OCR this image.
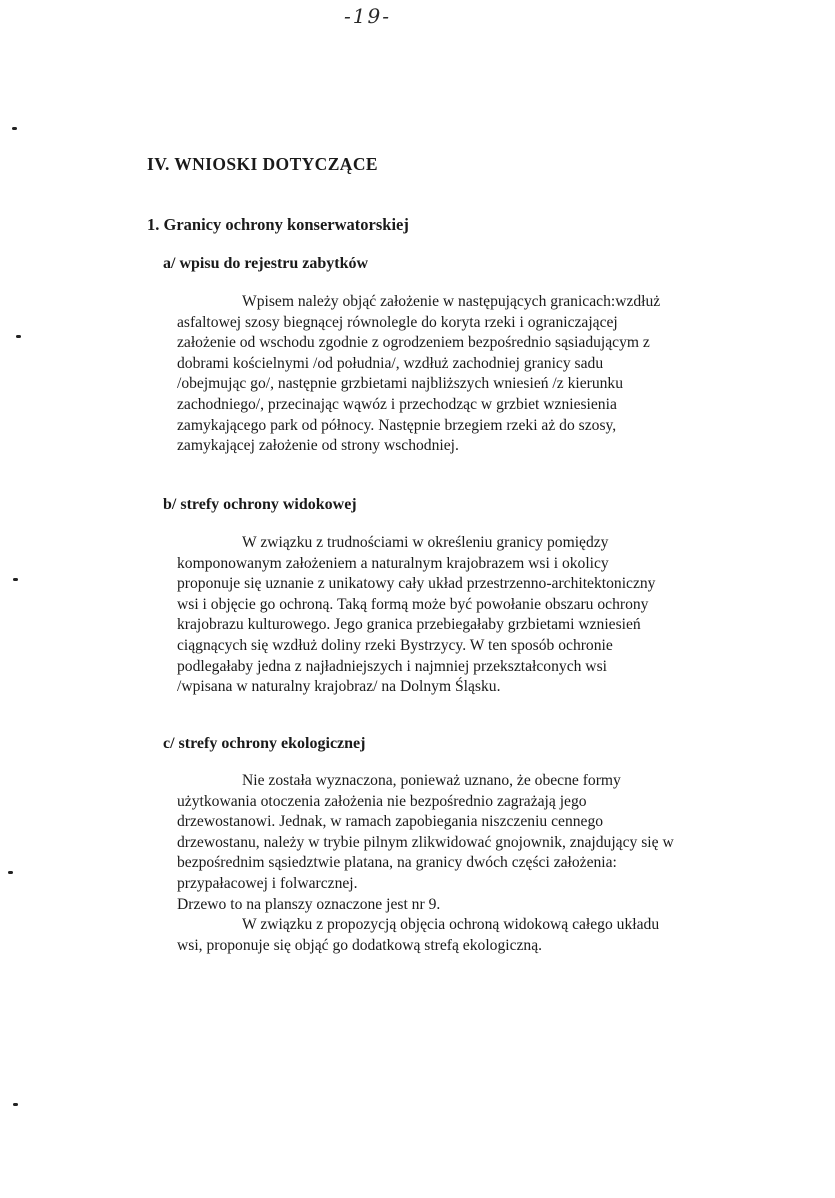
-19-
IV. WNIOSKI DOTYCZĄCE
1. Granicy ochrony konserwatorskiej
a/ wpisu do rejestru zabytków
Wpisem należy objąć założenie w następujących granicach:wzdłuż
asfaltowej szosy biegnącej równolegle do koryta rzeki i ograniczającej
założenie od wschodu zgodnie z ogrodzeniem bezpośrednio sąsiadującym z
dobrami kościelnymi /od południa/, wzdłuż zachodniej granicy sadu
/obejmując go/, następnie grzbietami najbliższych wniesień /z kierunku
zachodniego/, przecinając wąwóz i przechodząc w grzbiet wzniesienia
zamykającego park od północy. Następnie brzegiem rzeki aż do szosy,
zamykającej założenie od strony wschodniej.
b/ strefy ochrony widokowej
W związku z trudnościami w określeniu granicy pomiędzy
komponowanym założeniem a naturalnym krajobrazem wsi i okolicy
proponuje się uznanie z unikatowy cały układ przestrzenno-architektoniczny
wsi i objęcie go ochroną. Taką formą może być powołanie obszaru ochrony
krajobrazu kulturowego. Jego granica przebiegałaby grzbietami wzniesień
ciągnących się wzdłuż doliny rzeki Bystrzycy. W ten sposób ochronie
podlegałaby jedna z najładniejszych i najmniej przekształconych wsi
/wpisana w naturalny krajobraz/ na Dolnym Śląsku.
c/ strefy ochrony ekologicznej
Nie została wyznaczona, ponieważ uznano, że obecne formy
użytkowania otoczenia założenia nie bezpośrednio zagrażają jego
drzewostanowi. Jednak, w ramach zapobiegania niszczeniu cennego
drzewostanu, należy w trybie pilnym zlikwidować gnojownik, znajdujący się w
bezpośrednim sąsiedztwie platana, na granicy dwóch części założenia:
przypałacowej i folwarcznej.
Drzewo to na planszy oznaczone jest nr 9.
W związku z propozycją objęcia ochroną widokową całego układu
wsi, proponuje się objąć go dodatkową strefą ekologiczną.
